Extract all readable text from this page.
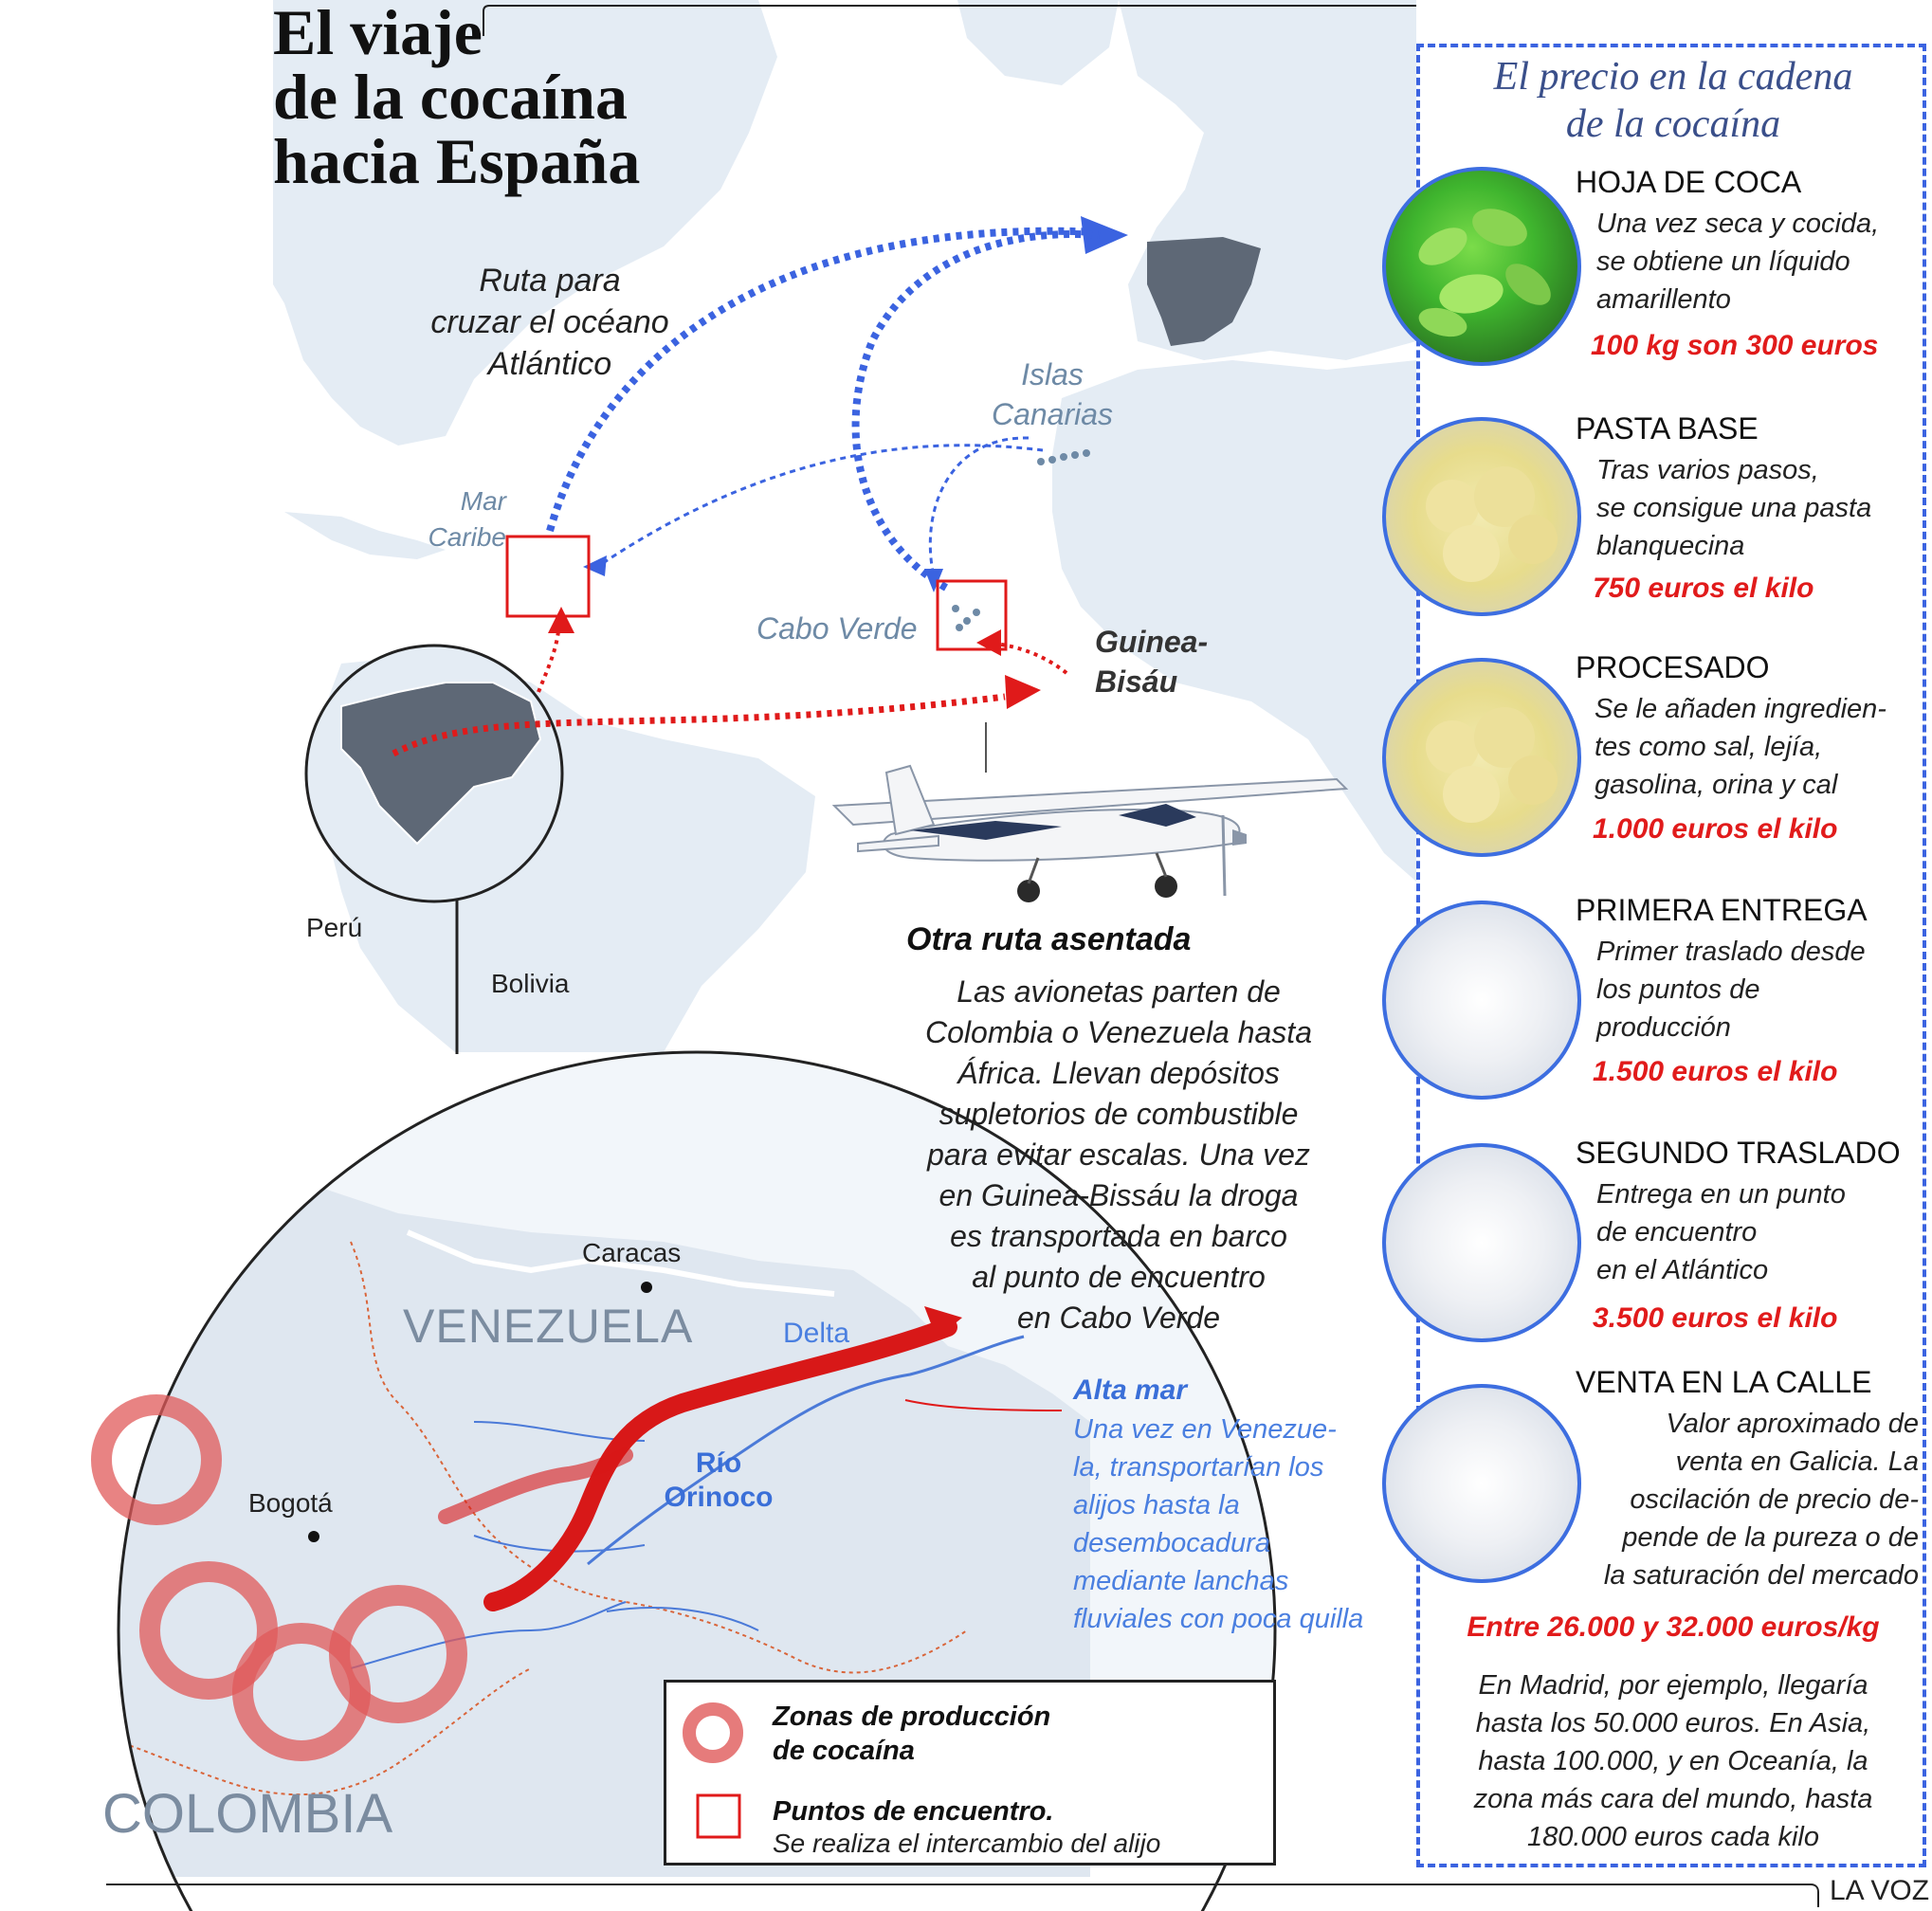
El viaje
de la cocaína
hacia España
Ruta para
cruzar el océano
Atlántico	Islas
Canarias
Mar
Caribe
Cabo Verde	Guinea-
Bisáu
Perú
Bolivia
Otra ruta asentada
Las avionetas parten de
Colombia o Venezuela hasta
África. Llevan depósitos
supletorios de combustible
para evitar escalas. Una vez
en Guinea-Bissáu la droga
es transportada en barco
al punto de encuentro
en Cabo Verde
Caracas
VENEZUELA	Delta
Río
Orinoco
Bogotá
COLOMBIA
Alta mar
Una vez en Venezue-
la, transportarían los
alijos hasta la
desembocadura
mediante lanchas
fluviales con poca quilla
Zonas de producción
de cocaína
Puntos de encuentro.
Se realiza el intercambio del alijo
El precio en la cadena
de la cocaína
HOJA DE COCA
Una vez seca y cocida,
se obtiene un líquido
amarillento
100 kg son 300 euros
PASTA BASE
Tras varios pasos,
se consigue una pasta
blanquecina
750 euros el kilo
PROCESADO
Se le añaden ingredien-
tes como sal, lejía,
gasolina, orina y cal
1.000 euros el kilo
PRIMERA ENTREGA
Primer traslado desde
los puntos de
producción
1.500 euros el kilo
SEGUNDO TRASLADO
Entrega en un punto
de encuentro
en el Atlántico
3.500 euros el kilo
VENTA EN LA CALLE
Valor aproximado de
venta en Galicia. La
oscilación de precio de-
pende de la pureza o de
la saturación del mercado
Entre 26.000 y 32.000 euros/kg
En Madrid, por ejemplo, llegaría
hasta los 50.000 euros. En Asia,
hasta 100.000, y en Oceanía, la
zona más cara del mundo, hasta
180.000 euros cada kilo
LA VOZ
